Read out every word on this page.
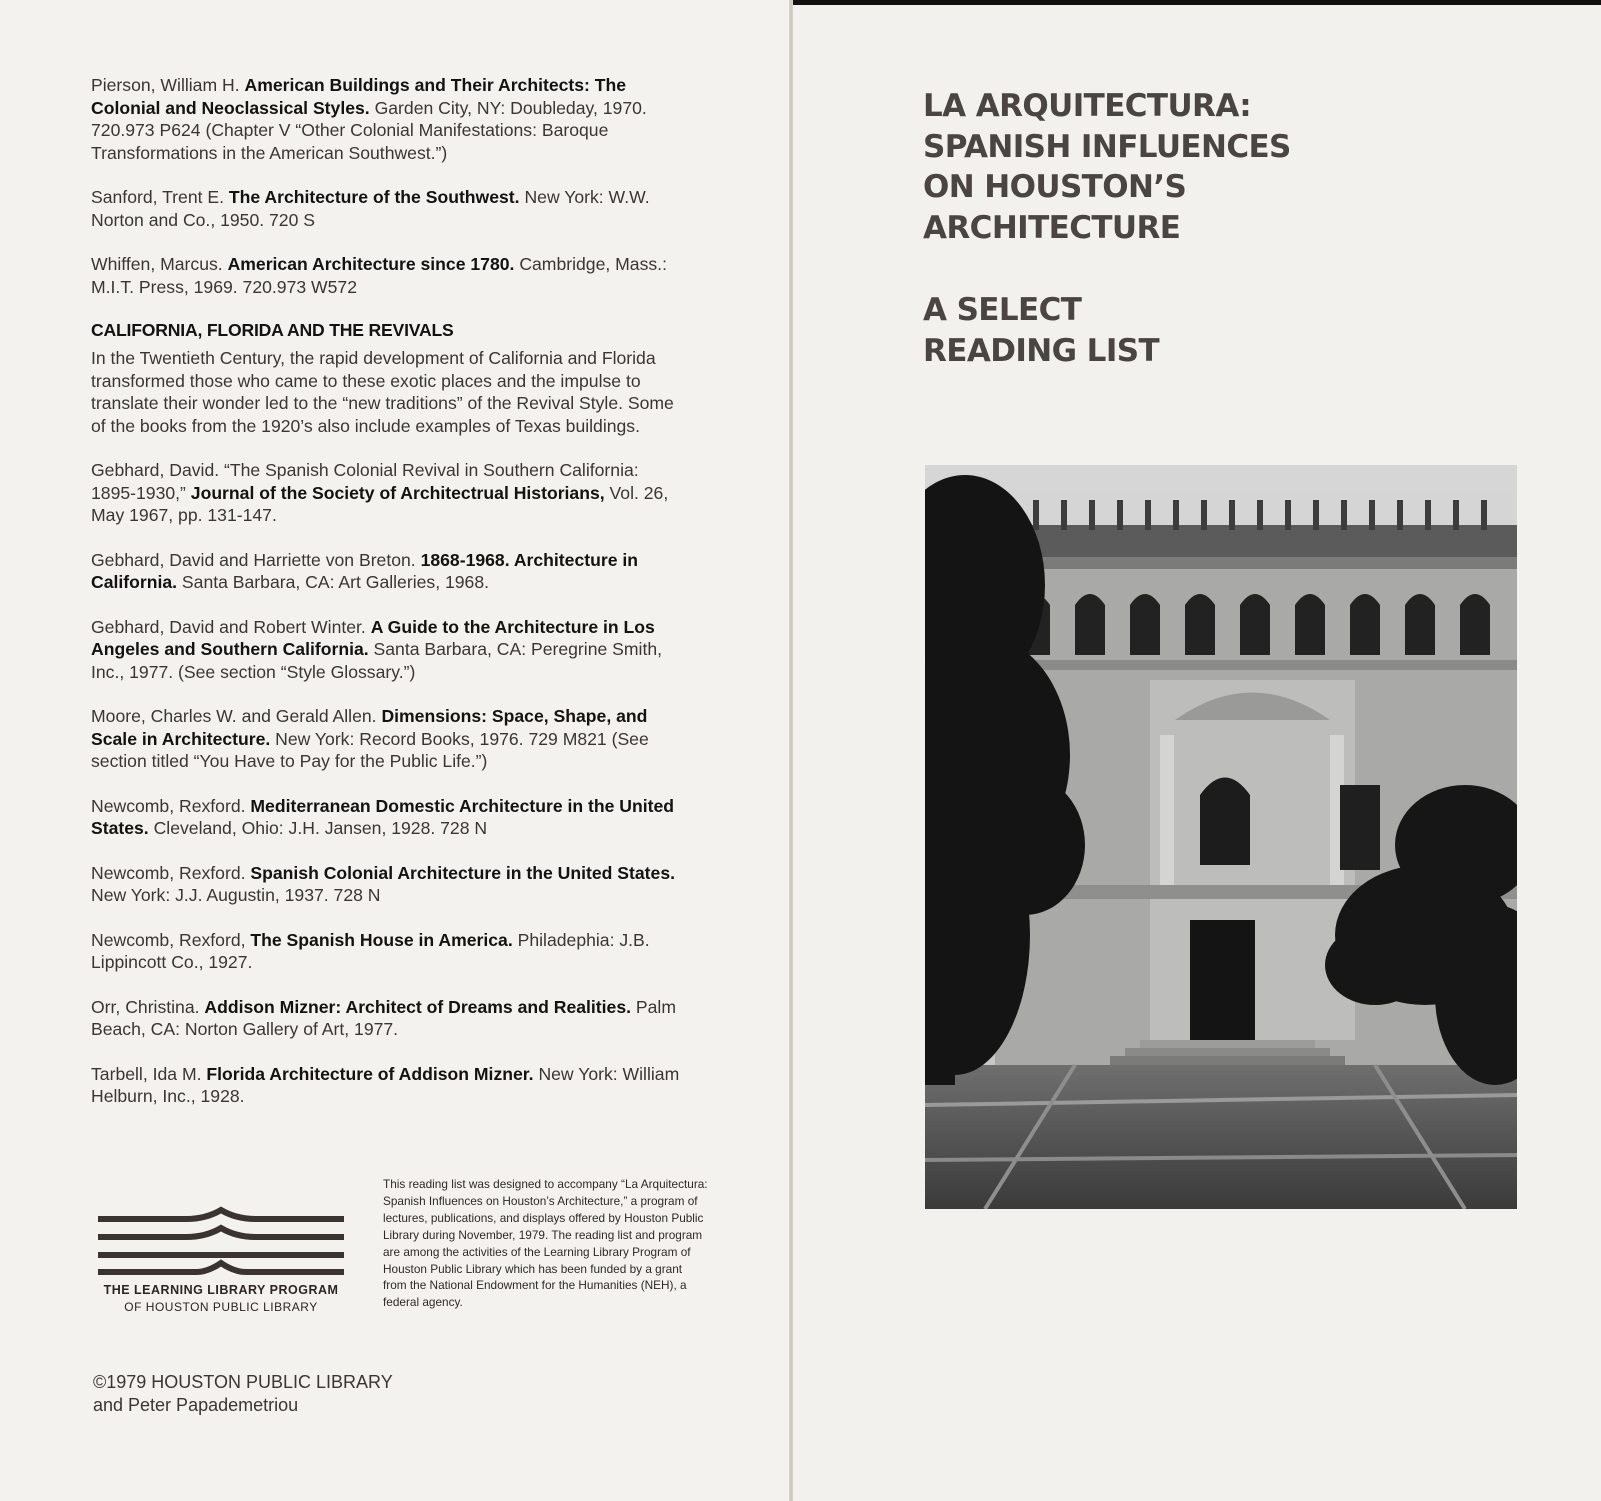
Pierson, William H. American Buildings and Their Architects: The Colonial and Neoclassical Styles. Garden City, NY: Doubleday, 1970. 720.973 P624 (Chapter V “Other Colonial Manifestations: Baroque Transformations in the American Southwest.”)

Sanford, Trent E. The Architecture of the Southwest. New York: W.W. Norton and Co., 1950. 720 S

Whiffen, Marcus. American Architecture since 1780. Cambridge, Mass.: M.I.T. Press, 1969. 720.973 W572

CALIFORNIA, FLORIDA AND THE REVIVALS

In the Twentieth Century, the rapid development of California and Florida transformed those who came to these exotic places and the impulse to translate their wonder led to the “new traditions” of the Revival Style. Some of the books from the 1920’s also include examples of Texas buildings.

Gebhard, David. “The Spanish Colonial Revival in Southern California: 1895-1930,” Journal of the Society of Architectrual Historians, Vol. 26, May 1967, pp. 131-147.

Gebhard, David and Harriette von Breton. 1868-1968. Architecture in California. Santa Barbara, CA: Art Galleries, 1968.

Gebhard, David and Robert Winter. A Guide to the Architecture in Los Angeles and Southern California. Santa Barbara, CA: Peregrine Smith, Inc., 1977. (See section “Style Glossary.”)

Moore, Charles W. and Gerald Allen. Dimensions: Space, Shape, and Scale in Architecture. New York: Record Books, 1976. 729 M821 (See section titled “You Have to Pay for the Public Life.”)

Newcomb, Rexford. Mediterranean Domestic Architecture in the United States. Cleveland, Ohio: J.H. Jansen, 1928. 728 N

Newcomb, Rexford. Spanish Colonial Architecture in the United States. New York: J.J. Augustin, 1937. 728 N

Newcomb, Rexford, The Spanish House in America. Philadephia: J.B. Lippincott Co., 1927.

Orr, Christina. Addison Mizner: Architect of Dreams and Realities. Palm Beach, CA: Norton Gallery of Art, 1977.

Tarbell, Ida M. Florida Architecture of Addison Mizner. New York: William Helburn, Inc., 1928.

THE LEARNING LIBRARY PROGRAM
OF HOUSTON PUBLIC LIBRARY
This reading list was designed to accompany “La Arquitectura: Spanish Influences on Houston’s Architecture,” a program of lectures, publications, and displays offered by Houston Public Library during November, 1979. The reading list and program are among the activities of the Learning Library Program of Houston Public Library which has been funded by a grant from the National Endowment for the Humanities (NEH), a federal agency.
©1979 HOUSTON PUBLIC LIBRARY
and Peter Papademetriou
LA ARQUITECTURA:
SPANISH INFLUENCES
ON HOUSTON’S
ARCHITECTURE
A SELECT
READING LIST
